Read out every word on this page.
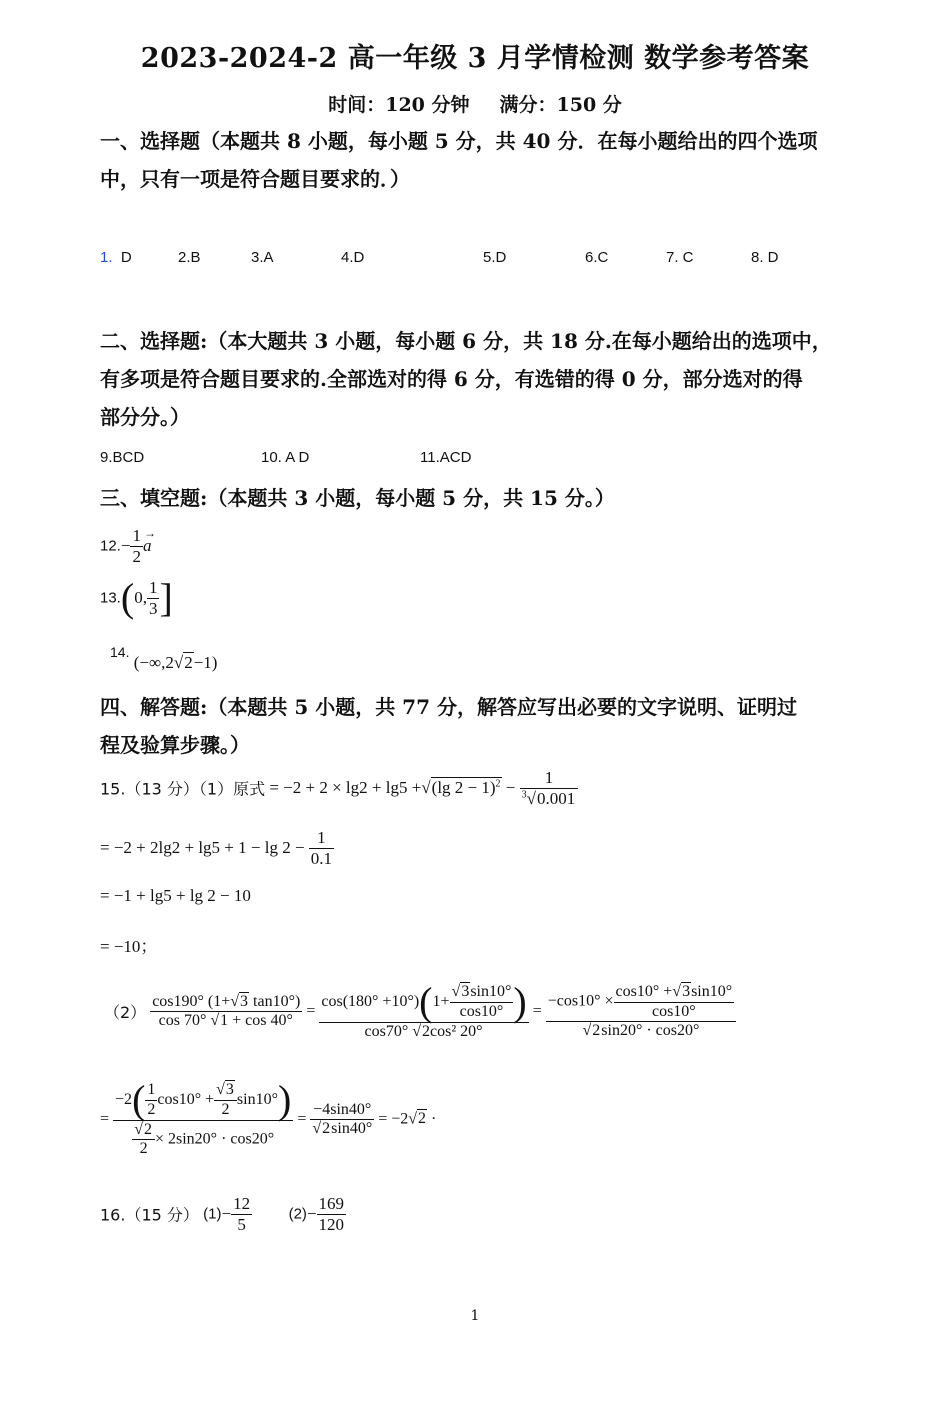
2023-2024-2 高一年级 3 月学情检测 数学参考答案
时间：120 分钟 满分：150 分
一、选择题（本题共 8 小题，每小题 5 分，共 40 分．在每小题给出的四个选项
中，只有一项是符合题目要求的．）
1. D	2.B	3.A	4.D	5.D	6.C	7. C	8. D
二、选择题:（本大题共 3 小题，每小题 6 分，共 18 分.在每小题给出的选项中，
有多项是符合题目要求的.全部选对的得 6 分，有选错的得 0 分，部分选对的得
部分分。）
9.BCD	10. A D	11.ACD
三、填空题:（本题共 3 小题，每小题 5 分，共 15 分。）
$12.- \frac{1}{2}$ →
a
13.(0, $\frac{1}{3}$ ]
$^{14.}$ (−∞,2√2−1)
四、解答题:（本题共 5 小题，共 77 分，解答应写出必要的文字说明、证明过
程及验算步骤。）
15.（13 分）（1）原式 = −2 + 2 × lg2 + lg5 +√(lg $2 - 1)^2 - \frac{1}{^3√0.001}$
= $-2 + 2\lg 2 + \lg 5 + 1 - \lg 2 - \frac{1}{0.1}$
= −1 + lg5 + lg 2 − 10
= −10；
$(2) \frac{\cos 190^\circ (1+√3 \tan 10^\circ)}{\cos 70^\circ √1 + \cos 40^\circ} = \frac{\cos(180^\circ +10^\circ)(1+ \frac{√3\sin 10^\circ}{\cos 10^\circ} )}{\text{cos70° √2cos² 20°}} = \frac{-\cos 10^\circ \times \frac{\cos 10^\circ +√3\sin 10^\circ}{\cos 10^\circ}}{√2\sin 20^\circ \cdot \cos 20^\circ}$
= $\frac{-2( \frac{1}{2} \cos 10^\circ + \frac{√3}{2} \sin 10^\circ)}{\frac{√2}{2} \times 2\sin 20^\circ \cdot \cos 20^\circ} = \frac{-4\sin 40^\circ}{√2\sin 40^\circ} = -2√2$ ·
16.（15 分） $(1)- \frac{12}{5} (2)- \frac{169}{120}$
1
